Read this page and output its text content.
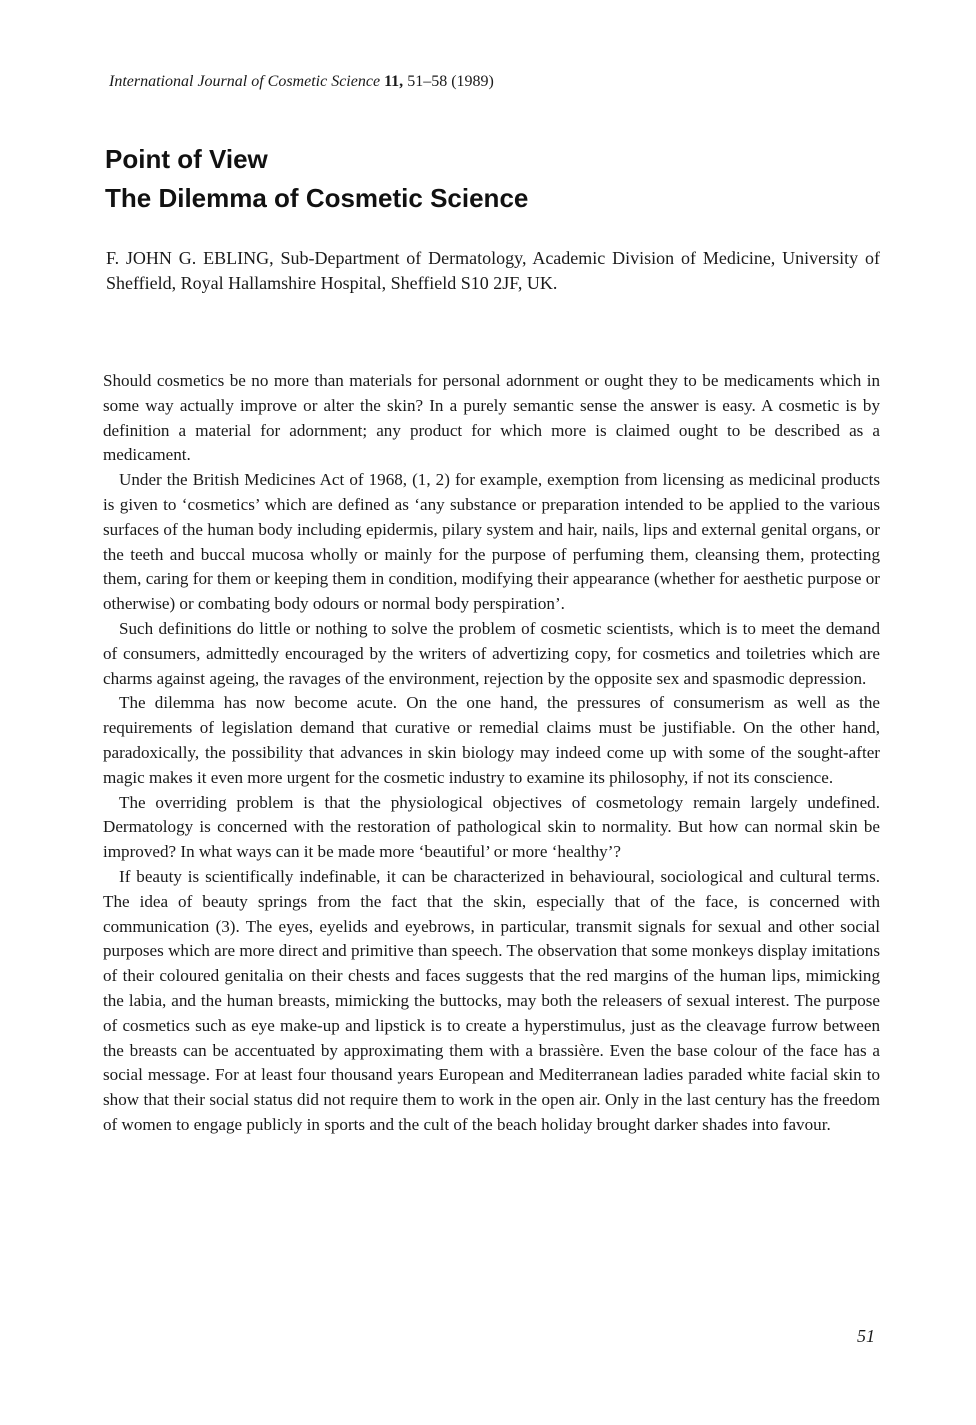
International Journal of Cosmetic Science 11, 51–58 (1989)
Point of View
The Dilemma of Cosmetic Science
F. JOHN G. EBLING, Sub-Department of Dermatology, Academic Division of Medicine, University of Sheffield, Royal Hallamshire Hospital, Sheffield S10 2JF, UK.

Should cosmetics be no more than materials for personal adornment or ought they to be medicaments which in some way actually improve or alter the skin? In a purely semantic sense the answer is easy. A cosmetic is by definition a material for adornment; any product for which more is claimed ought to be described as a medicament.

Under the British Medicines Act of 1968, (1, 2) for example, exemption from licensing as medicinal products is given to ‘cosmetics’ which are defined as ‘any substance or preparation intended to be applied to the various surfaces of the human body including epidermis, pilary system and hair, nails, lips and external genital organs, or the teeth and buccal mucosa wholly or mainly for the purpose of perfuming them, cleansing them, protecting them, caring for them or keeping them in condition, modifying their appearance (whether for aesthetic purpose or otherwise) or combating body odours or normal body perspiration’.

Such definitions do little or nothing to solve the problem of cosmetic scientists, which is to meet the demand of consumers, admittedly encouraged by the writers of advertizing copy, for cosmetics and toiletries which are charms against ageing, the ravages of the environment, rejection by the opposite sex and spasmodic depression.

The dilemma has now become acute. On the one hand, the pressures of consumerism as well as the requirements of legislation demand that curative or remedial claims must be justifiable. On the other hand, paradoxically, the possibility that advances in skin biology may indeed come up with some of the sought-after magic makes it even more urgent for the cosmetic industry to examine its philosophy, if not its conscience.

The overriding problem is that the physiological objectives of cosmetology remain largely undefined. Dermatology is concerned with the restoration of pathological skin to normality. But how can normal skin be improved? In what ways can it be made more ‘beautiful’ or more ‘healthy’?

If beauty is scientifically indefinable, it can be characterized in behavioural, sociological and cultural terms. The idea of beauty springs from the fact that the skin, especially that of the face, is concerned with communication (3). The eyes, eyelids and eyebrows, in particular, transmit signals for sexual and other social purposes which are more direct and primitive than speech. The observation that some monkeys display imitations of their coloured genitalia on their chests and faces suggests that the red margins of the human lips, mimicking the labia, and the human breasts, mimicking the buttocks, may both the releasers of sexual interest. The purpose of cosmetics such as eye make-up and lipstick is to create a hyperstimulus, just as the cleavage furrow between the breasts can be accentuated by approximating them with a brassière. Even the base colour of the face has a social message. For at least four thousand years European and Mediterranean ladies paraded white facial skin to show that their social status did not require them to work in the open air. Only in the last century has the freedom of women to engage publicly in sports and the cult of the beach holiday brought darker shades into favour.

51
